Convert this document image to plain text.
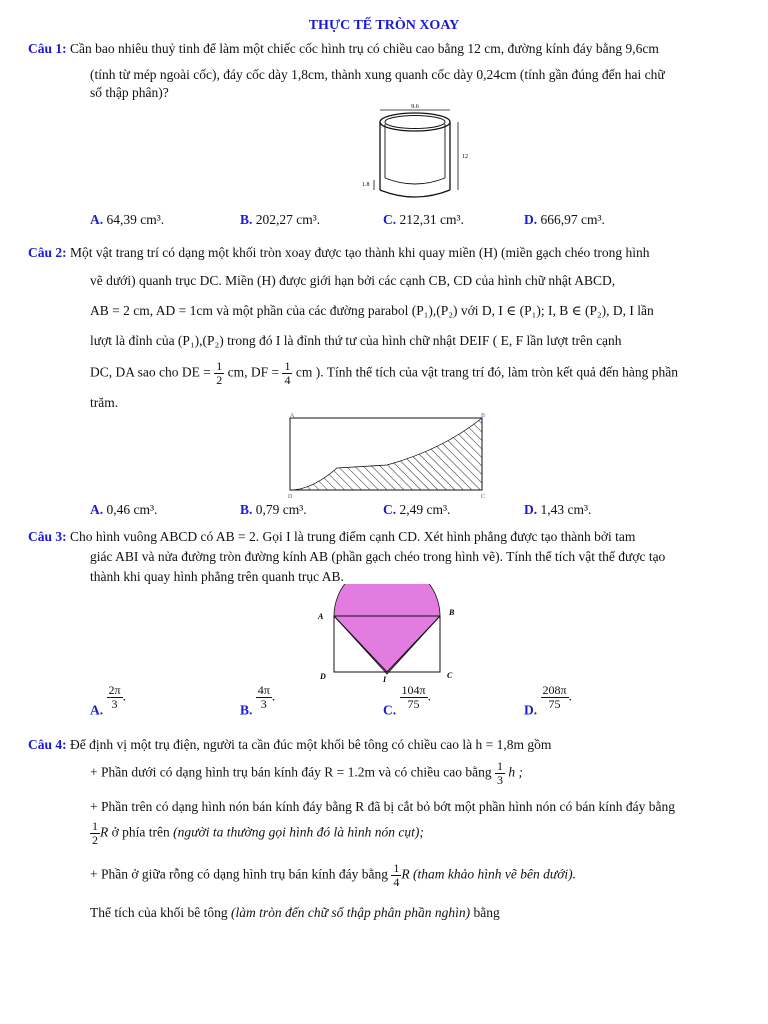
THỰC TẾ TRÒN XOAY
Câu 1: Cần bao nhiêu thuỷ tinh để làm một chiếc cốc hình trụ có chiều cao bằng 12 cm, đường kính đáy bằng 9,6cm
(tính từ mép ngoài cốc), đáy cốc dày 1,8cm, thành xung quanh cốc dày 0,24cm (tính gần đúng đến hai chữ
số thập phân)?
9.6
12
1.8
A. 64,39 cm³.	B. 202,27 cm³.	C. 212,31 cm³.	D. 666,97 cm³.
Câu 2: Một vật trang trí có dạng một khối tròn xoay được tạo thành khi quay miền (H) (miền gạch chéo trong hình
vẽ dưới) quanh trục DC. Miền (H) được giới hạn bởi các cạnh CB, CD của hình chữ nhật ABCD,
AB = 2 cm, AD = 1cm và một phần của các đường parabol (P₁),(P₂) với D, I ∈ (P₁); I, B ∈ (P₂), D, I lần
lượt là đỉnh của (P₁),(P₂) trong đó I là đỉnh thứ tư của hình chữ nhật DEIF ( E, F lần lượt trên cạnh
DC, DA sao cho DE = $\frac{1}{2}$ cm, DF = $\frac{1}{4}$ cm ). Tính thể tích của vật trang trí đó, làm tròn kết quả đến hàng phần
trăm.
A	B
D	C
A. 0,46 cm³.	B. 0,79 cm³.	C. 2,49 cm³.	D. 1,43 cm³.
Câu 3: Cho hình vuông ABCD có AB = 2. Gọi I là trung điểm cạnh CD. Xét hình phẳng được tạo thành bởi tam
giác ABI và nửa đường tròn đường kính AB (phần gạch chéo trong hình vẽ). Tính thể tích vật thể được tạo
thành khi quay hình phẳng trên quanh trục AB.
A	B
D	C
I
A. $\frac{2\pi}{3}$ .
B. $\frac{4\pi}{3}$ .
C. $\frac{104\pi}{75}$ .
D. $\frac{208\pi}{75}$ .
Câu 4: Để định vị một trụ điện, người ta cần đúc một khối bê tông có chiều cao là h = 1,8m gồm
+ Phần dưới có dạng hình trụ bán kính đáy R = 1.2m và có chiều cao bằng $\frac{1}{3}$ h ;
+ Phần trên có dạng hình nón bán kính đáy bằng R đã bị cắt bỏ bớt một phần hình nón có bán kính đáy bằng
$\frac{1}{2}$ R ở phía trên (người ta thường gọi hình đó là hình nón cụt);
+ Phần ở giữa rỗng có dạng hình trụ bán kính đáy bằng $\frac{1}{4}$ R (tham khảo hình vẽ bên dưới).
Thể tích của khối bê tông (làm tròn đến chữ số thập phân phần nghìn) bằng
